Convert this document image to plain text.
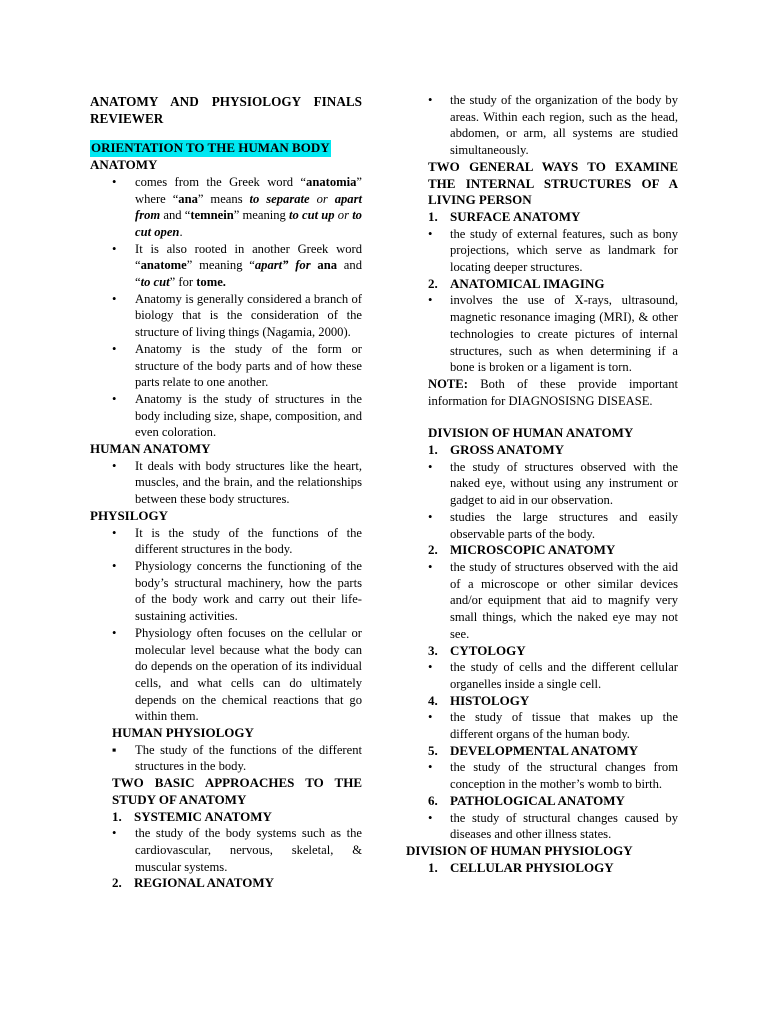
ANATOMY AND PHYSIOLOGY FINALS REVIEWER
ORIENTATION TO THE HUMAN BODY
ANATOMY
• comes from the Greek word “anatomia” where “ana” means to separate or apart from and “temnein” meaning to cut up or to cut open.
• It is also rooted in another Greek word “anatome” meaning “apart” for ana and “to cut” for tome.
• Anatomy is generally considered a branch of biology that is the consideration of the structure of living things (Nagamia, 2000).
• Anatomy is the study of the form or structure of the body parts and of how these parts relate to one another.
• Anatomy is the study of structures in the body including size, shape, composition, and even coloration.
HUMAN ANATOMY
• It deals with body structures like the heart, muscles, and the brain, and the relationships between these body structures.
PHYSILOGY
• It is the study of the functions of the different structures in the body.
• Physiology concerns the functioning of the body’s structural machinery, how the parts of the body work and carry out their life-sustaining activities.
• Physiology often focuses on the cellular or molecular level because what the body can do depends on the operation of its individual cells, and what cells can do ultimately depends on the chemical reactions that go within them.
HUMAN PHYSIOLOGY
▪ The study of the functions of the different structures in the body.
TWO BASIC APPROACHES TO THE STUDY OF ANATOMY
1. SYSTEMIC ANATOMY
• the study of the body systems such as the cardiovascular, nervous, skeletal, & muscular systems.
2. REGIONAL ANATOMY
• the study of the organization of the body by areas. Within each region, such as the head, abdomen, or arm, all systems are studied simultaneously.
TWO GENERAL WAYS TO EXAMINE THE INTERNAL STRUCTURES OF A LIVING PERSON
1. SURFACE ANATOMY
• the study of external features, such as bony projections, which serve as landmark for locating deeper structures.
2. ANATOMICAL IMAGING
• involves the use of X-rays, ultrasound, magnetic resonance imaging (MRI), & other technologies to create pictures of internal structures, such as when determining if a bone is broken or a ligament is torn.
NOTE: Both of these provide important information for DIAGNOSISNG DISEASE.
DIVISION OF HUMAN ANATOMY
1. GROSS ANATOMY
• the study of structures observed with the naked eye, without using any instrument or gadget to aid in our observation.
• studies the large structures and easily observable parts of the body.
2. MICROSCOPIC ANATOMY
• the study of structures observed with the aid of a microscope or other similar devices and/or equipment that aid to magnify very small things, which the naked eye may not see.
3. CYTOLOGY
• the study of cells and the different cellular organelles inside a single cell.
4. HISTOLOGY
• the study of tissue that makes up the different organs of the human body.
5. DEVELOPMENTAL ANATOMY
• the study of the structural changes from conception in the mother’s womb to birth.
6. PATHOLOGICAL ANATOMY
• the study of structural changes caused by diseases and other illness states.
DIVISION OF HUMAN PHYSIOLOGY
1. CELLULAR PHYSIOLOGY
